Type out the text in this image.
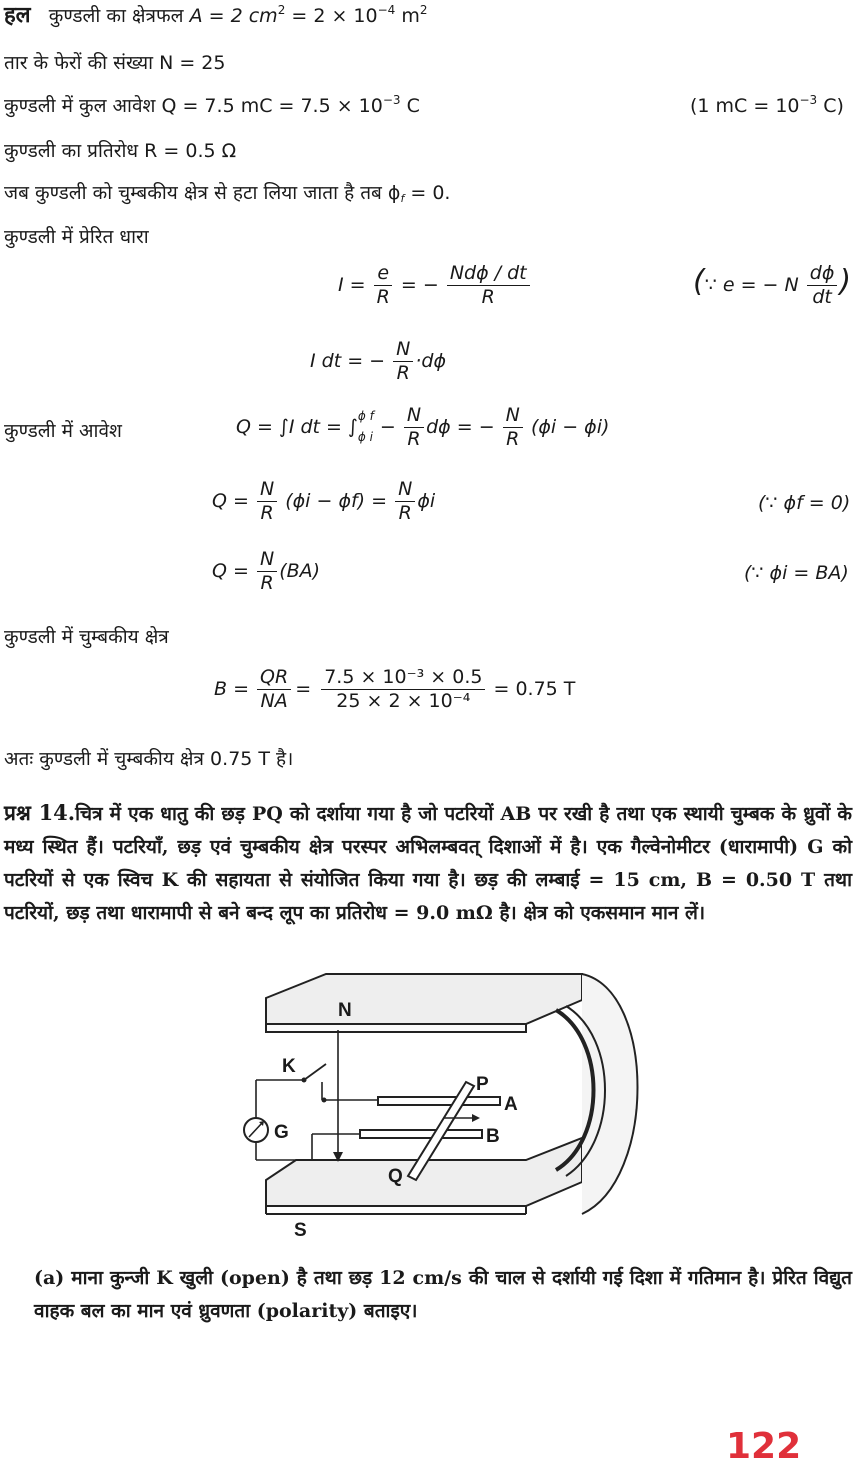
हल कुण्डली का क्षेत्रफल A = 2 $cm^2 = 2 \times 10^{-4}$ $m^2$
तार के फेरों की संख्या N = 25
कुण्डली में कुल आवेश Q = 7.5 mC = $7.5 \times 10^{-3}$ C	(1 mC = $10^{-3}$ C)
कुण्डली का प्रतिरोध R = 0.5 Ω
जब कुण्डली को चुम्बकीय क्षेत्र से हटा लिया जाता है तब $\phi_f = 0$.
कुण्डली में प्रेरित धारा
$I = \frac{e}{R}$ = − $\frac{\text{Ndϕ / dt}}{R}$	(∵ e = − N $\frac{d\phi}{dt}$ )
I dt = − $\frac{N}{R} \cdot d\phi$
कुण्डली में आवेश	Q = ∫I dt = ∫
ϕ f
ϕ $i - \frac{N}{R}$ dϕ = − $\frac{N}{R} (\phi i - \phi i)$
$Q = \frac{N}{R} (\phi i - \phi f) = \frac{N}{R}$ ϕi	(∵ ϕf = 0)
$Q = \frac{N}{R} (BA)$	(∵ ϕi = BA)
कुण्डली में चुम्बकीय क्षेत्र
$B = \frac{QR}{NA} = \frac{\text{7.5 × 10⁻³ × 0.5}}{\text{25 × 2 × 10⁻⁴}} = 0.75$ T
अतः कुण्डली में चुम्बकीय क्षेत्र 0.75 T है।
प्रश्न 14.चित्र में एक धातु की छड़ PQ को दर्शाया गया है जो पटरियों AB पर रखी है तथा एक स्थायी चुम्बक के ध्रुवों के मध्य स्थित हैं। पटरियाँ, छड़ एवं चुम्बकीय क्षेत्र परस्पर अभिलम्बवत् दिशाओं में है। एक गैल्वेनोमीटर (धारामापी) G को पटरियों से एक स्विच K की सहायता से संयोजित किया गया है। छड़ की लम्बाई = 15 cm, B = 0.50 T तथा पटरियों, छड़ तथा धारामापी से बने बन्द लूप का प्रतिरोध = 9.0 mΩ है। क्षेत्र को एकसमान मान लें।
N
S
K
P
A
B
G
Q
(a) माना कुन्जी K खुली (open) है तथा छड़ 12 cm/s की चाल से दर्शायी गई दिशा में गतिमान है। प्रेरित विद्युत वाहक बल का मान एवं ध्रुवणता (polarity) बताइए।
122
